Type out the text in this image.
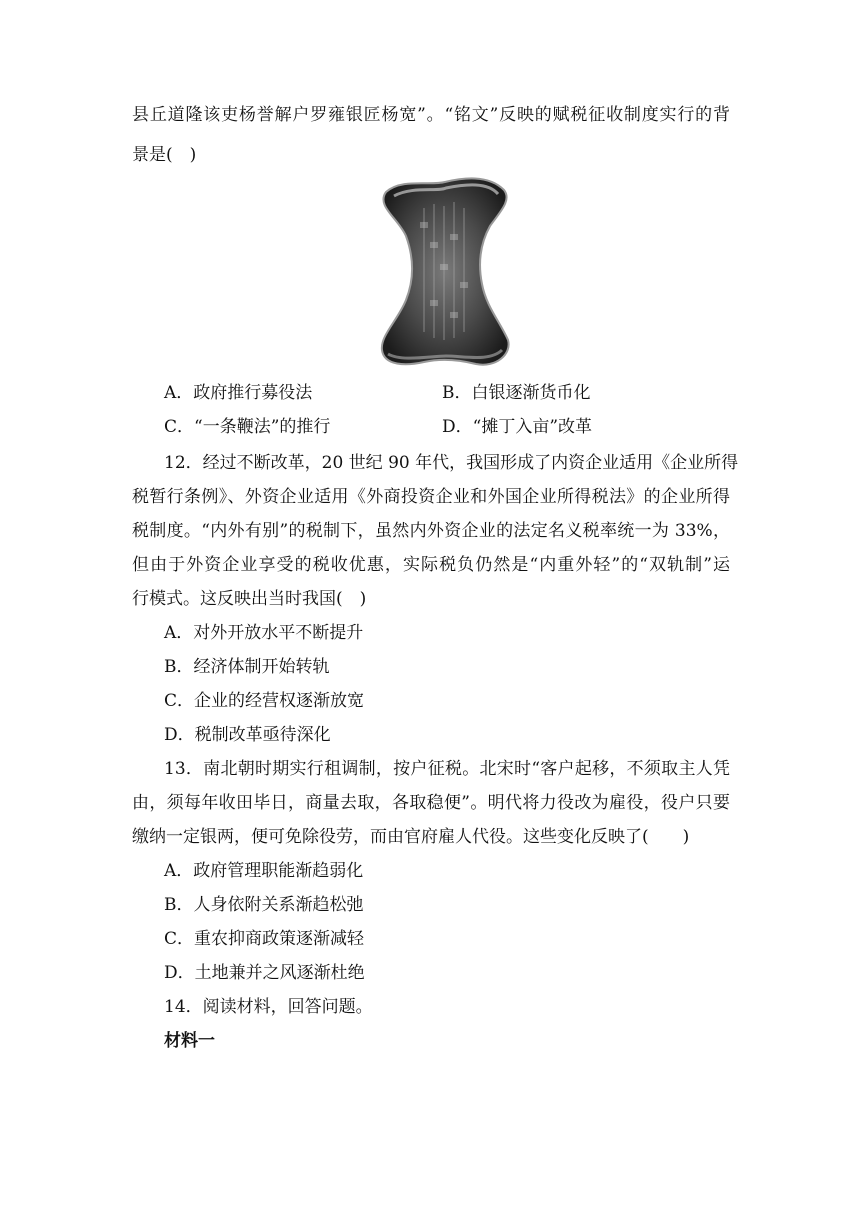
县丘道隆该吏杨誉解户罗雍银匠杨宽”。“铭文”反映的赋税征收制度实行的背
景是(　)
A．政府推行募役法	B．白银逐渐货币化
C．“一条鞭法”的推行	D．“摊丁入亩”改革
12．经过不断改革，20 世纪 90 年代，我国形成了内资企业适用《企业所得
税暂行条例》、外资企业适用《外商投资企业和外国企业所得税法》的企业所得
税制度。“内外有别”的税制下，虽然内外资企业的法定名义税率统一为 33%，
但由于外资企业享受的税收优惠，实际税负仍然是“内重外轻”的“双轨制”运
行模式。这反映出当时我国(　)
A．对外开放水平不断提升
B．经济体制开始转轨
C．企业的经营权逐渐放宽
D．税制改革亟待深化
13．南北朝时期实行租调制，按户征税。北宋时“客户起移，不须取主人凭
由，须每年收田毕日，商量去取，各取稳便”。明代将力役改为雇役，役户只要
缴纳一定银两，便可免除役劳，而由官府雇人代役。这些变化反映了(　　)
A．政府管理职能渐趋弱化
B．人身依附关系渐趋松弛
C．重农抑商政策逐渐减轻
D．土地兼并之风逐渐杜绝
14．阅读材料，回答问题。
材料一
